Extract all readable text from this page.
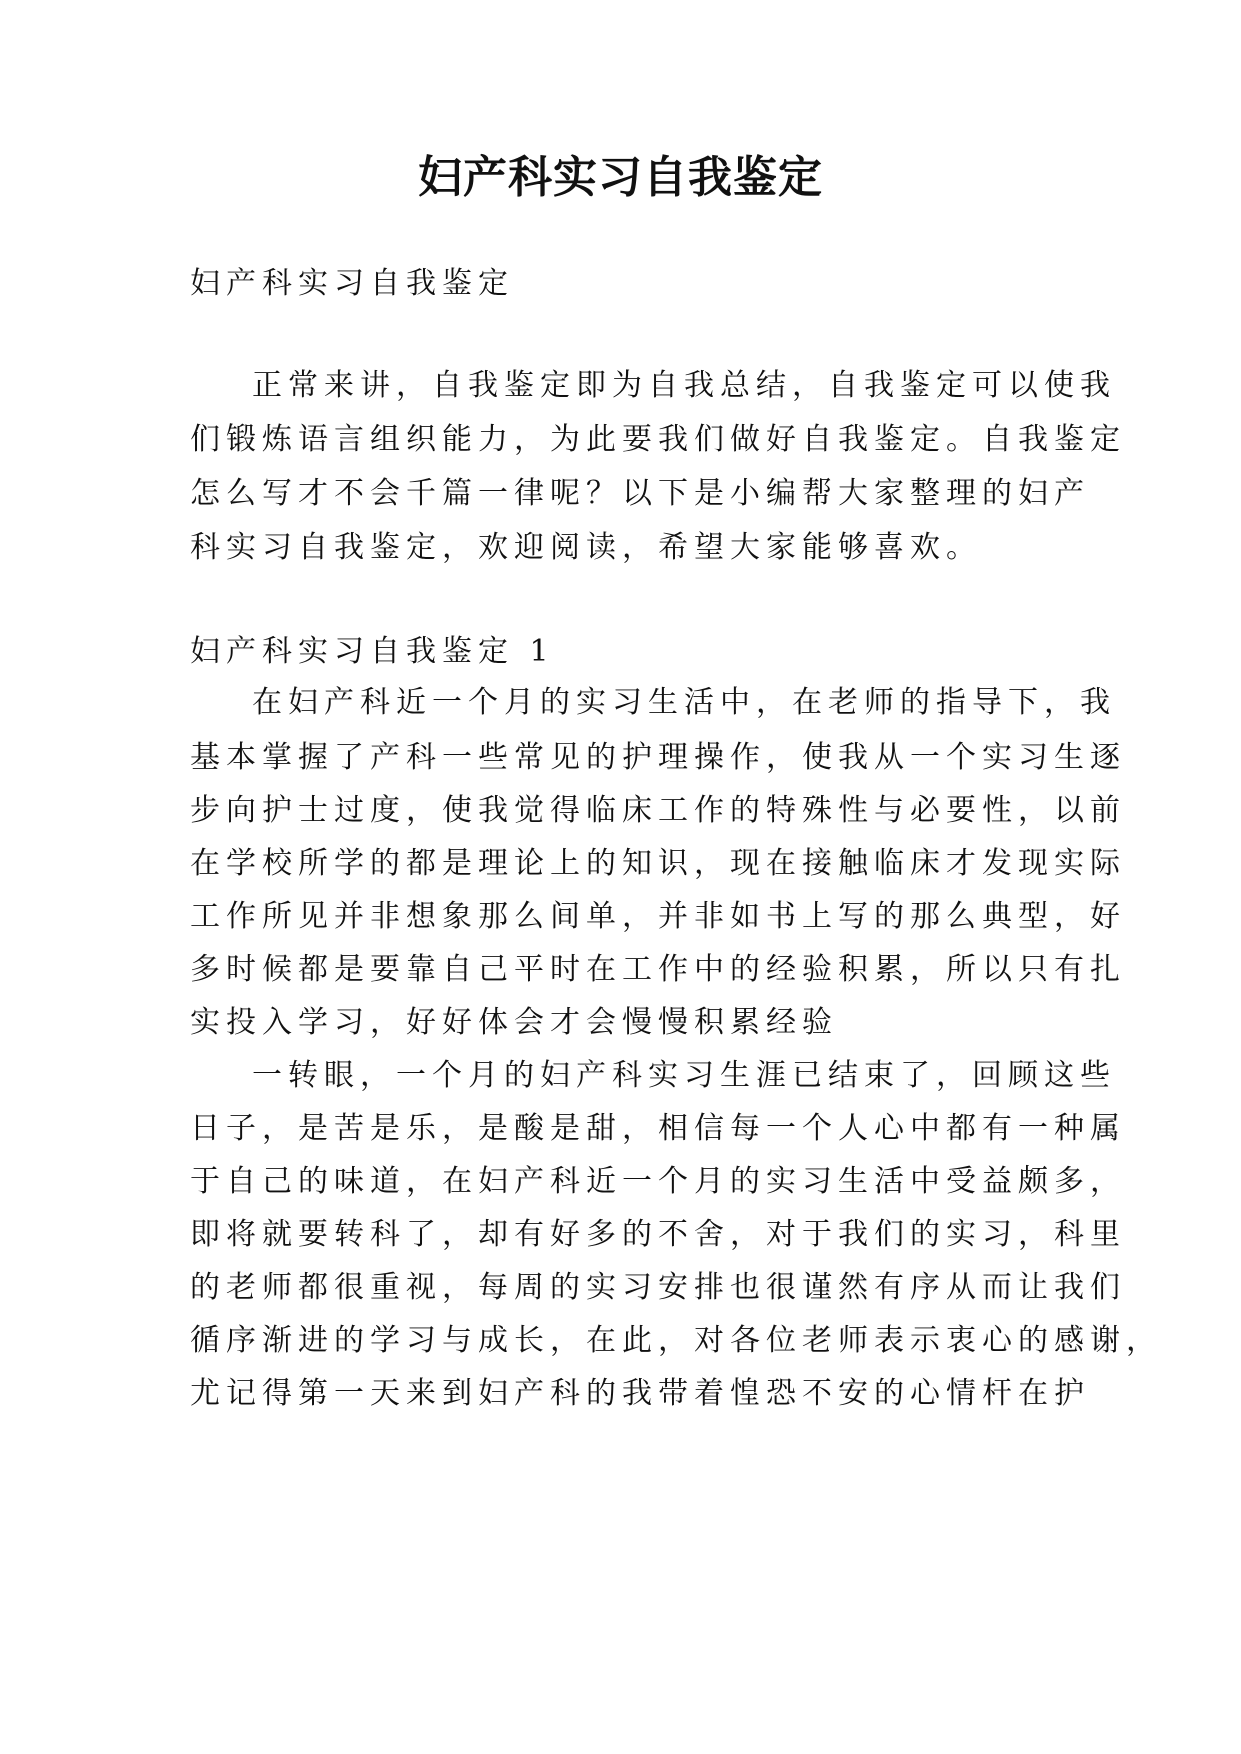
妇产科实习自我鉴定
妇产科实习自我鉴定
正常来讲，自我鉴定即为自我总结，自我鉴定可以使我
们锻炼语言组织能力，为此要我们做好自我鉴定。自我鉴定
怎么写才不会千篇一律呢？以下是小编帮大家整理的妇产
科实习自我鉴定，欢迎阅读，希望大家能够喜欢。
妇产科实习自我鉴定 1
在妇产科近一个月的实习生活中，在老师的指导下，我
基本掌握了产科一些常见的护理操作，使我从一个实习生逐
步向护士过度，使我觉得临床工作的特殊性与必要性，以前
在学校所学的都是理论上的知识，现在接触临床才发现实际
工作所见并非想象那么间单，并非如书上写的那么典型，好
多时候都是要靠自己平时在工作中的经验积累，所以只有扎
实投入学习，好好体会才会慢慢积累经验
一转眼，一个月的妇产科实习生涯已结束了，回顾这些
日子，是苦是乐，是酸是甜，相信每一个人心中都有一种属
于自己的味道，在妇产科近一个月的实习生活中受益颇多，
即将就要转科了，却有好多的不舍，对于我们的实习，科里
的老师都很重视，每周的实习安排也很谨然有序从而让我们
循序渐进的学习与成长，在此，对各位老师表示衷心的感谢，
尤记得第一天来到妇产科的我带着惶恐不安的心情杆在护
